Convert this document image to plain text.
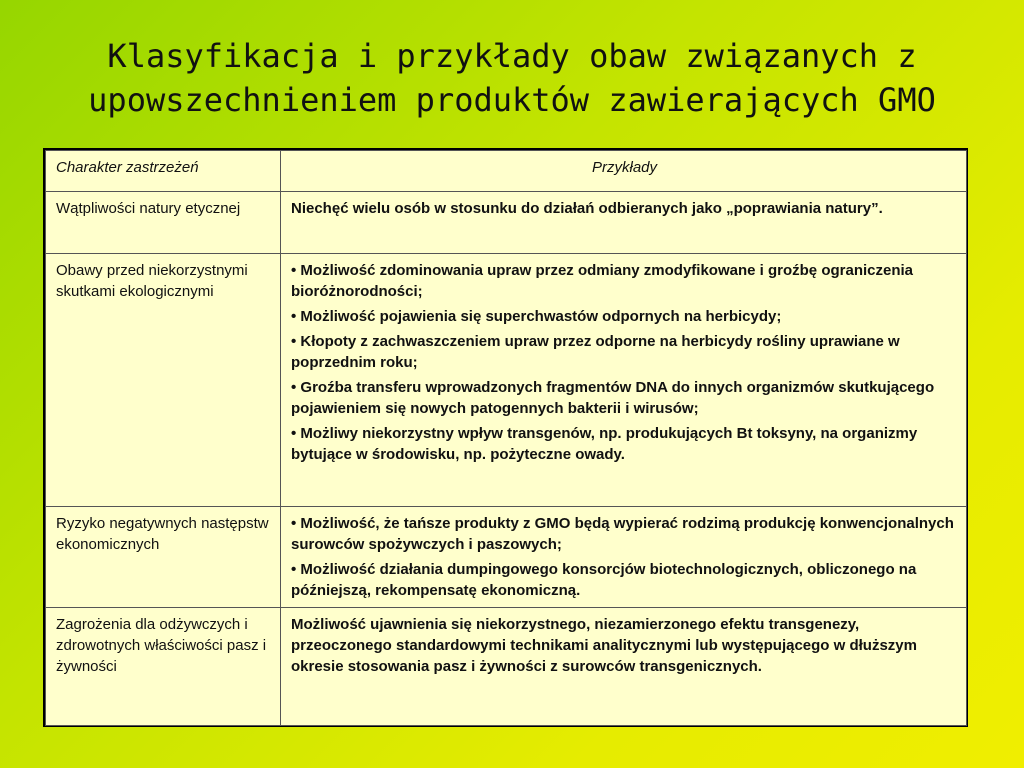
Klasyfikacja i przykłady obaw związanych z upowszechnieniem produktów zawierających GMO
Charakter zastrzeżeń	Przykłady
Wątpliwości natury etycznej	Niechęć wielu osób w stosunku do działań odbieranych jako „poprawiania natury”.

Obawy przed niekorzystnymi skutkami ekologicznymi	• Możliwość zdominowania upraw przez odmiany zmodyfikowane i groźbę ograniczenia bioróżnorodności;
• Możliwość pojawienia się superchwastów odpornych na herbicydy;
• Kłopoty z zachwaszczeniem upraw przez odporne na herbicydy rośliny uprawiane w poprzednim roku;
• Groźba transferu wprowadzonych fragmentów DNA do innych organizmów skutkującego pojawieniem się nowych patogennych bakterii i wirusów;
• Możliwy niekorzystny wpływ transgenów, np. produkujących Bt toksyny, na organizmy bytujące w środowisku, np. pożyteczne owady.

Ryzyko negatywnych następstw ekonomicznych	• Możliwość, że tańsze produkty z GMO będą wypierać rodzimą produkcję konwencjonalnych surowców spożywczych i paszowych;
• Możliwość działania dumpingowego konsorcjów biotechnologicznych, obliczonego na późniejszą, rekompensatę ekonomiczną.

Zagrożenia dla odżywczych i zdrowotnych właściwości pasz i żywności	Możliwość ujawnienia się niekorzystnego, niezamierzonego efektu transgenezy, przeoczonego standardowymi technikami analitycznymi lub występującego w dłuższym okresie stosowania pasz i żywności z surowców transgenicznych.
